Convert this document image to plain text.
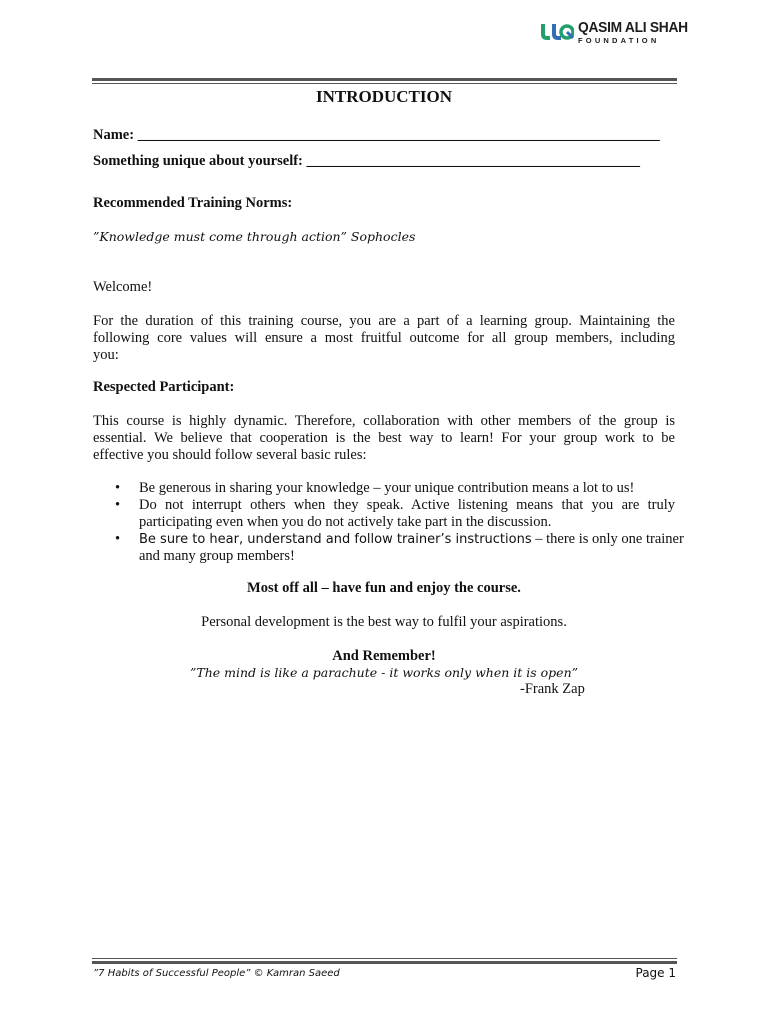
QASIM ALI SHAH
FOUNDATION
INTRODUCTION
Name: ________________________________________________________________________
Something unique about yourself: ______________________________________________
Recommended Training Norms:
”Knowledge must come through action” Sophocles
Welcome!
For the duration of this training course, you are a part of a learning group. Maintaining the
following core values will ensure a most fruitful outcome for all group members, including
you:
Respected Participant:
This course is highly dynamic. Therefore, collaboration with other members of the group is
essential. We believe that cooperation is the best way to learn! For your group work to be
effective you should follow several basic rules:
• Be generous in sharing your knowledge – your unique contribution means a lot to us!
• Do not interrupt others when they speak. Active listening means that you are truly
participating even when you do not actively take part in the discussion.
• Be sure to hear, understand and follow trainer’s instructions – there is only one trainer
and many group members!
Most off all – have fun and enjoy the course.
Personal development is the best way to fulfil your aspirations.
And Remember!
”The mind is like a parachute - it works only when it is open”
-Frank Zap
”7 Habits of Successful People” © Kamran Saeed	Page 1
